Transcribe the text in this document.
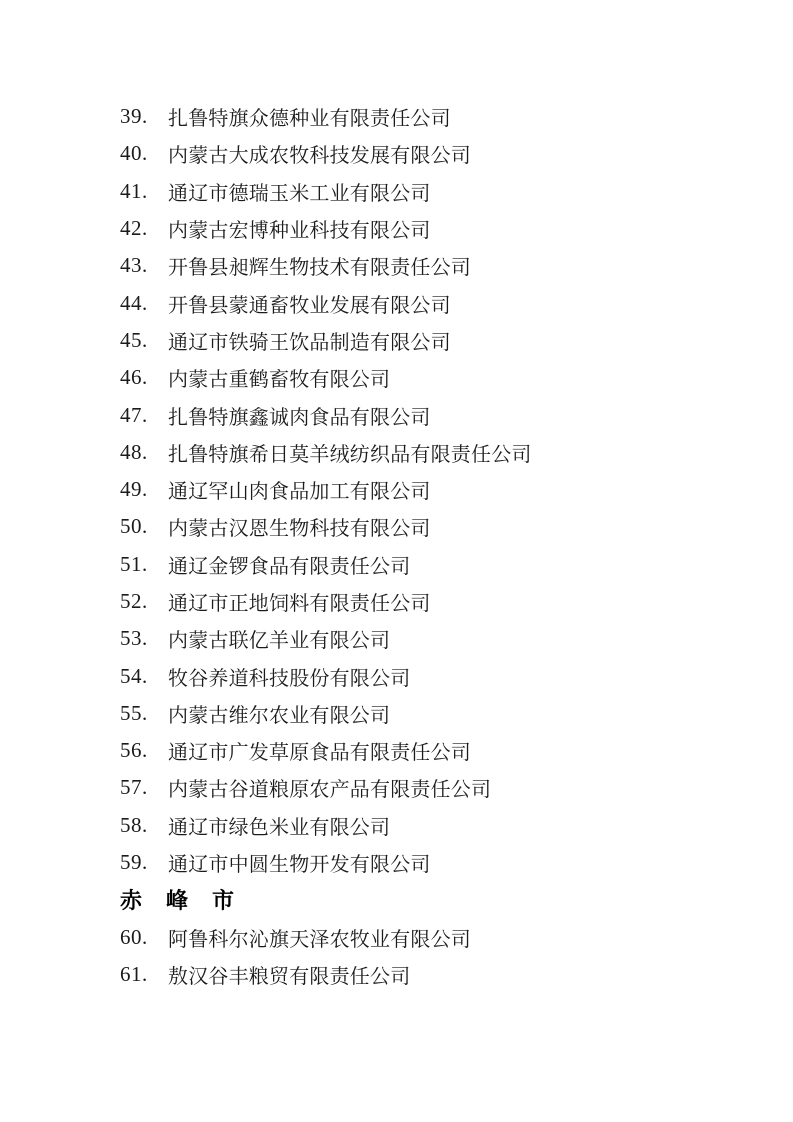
39.	扎鲁特旗众德种业有限责任公司
40.	内蒙古大成农牧科技发展有限公司
41.	通辽市德瑞玉米工业有限公司
42.	内蒙古宏博种业科技有限公司
43.	开鲁县昶辉生物技术有限责任公司
44.	开鲁县蒙通畜牧业发展有限公司
45.	通辽市铁骑王饮品制造有限公司
46.	内蒙古重鹤畜牧有限公司
47.	扎鲁特旗鑫诚肉食品有限公司
48.	扎鲁特旗希日莫羊绒纺织品有限责任公司
49.	通辽罕山肉食品加工有限公司
50.	内蒙古汉恩生物科技有限公司
51.	通辽金锣食品有限责任公司
52.	通辽市正地饲料有限责任公司
53.	内蒙古联亿羊业有限公司
54.	牧谷养道科技股份有限公司
55.	内蒙古维尔农业有限公司
56.	通辽市广发草原食品有限责任公司
57.	内蒙古谷道粮原农产品有限责任公司
58.	通辽市绿色米业有限公司
59.	通辽市中圆生物开发有限公司
赤　峰　市
60.	阿鲁科尔沁旗天泽农牧业有限公司
61.	敖汉谷丰粮贸有限责任公司
